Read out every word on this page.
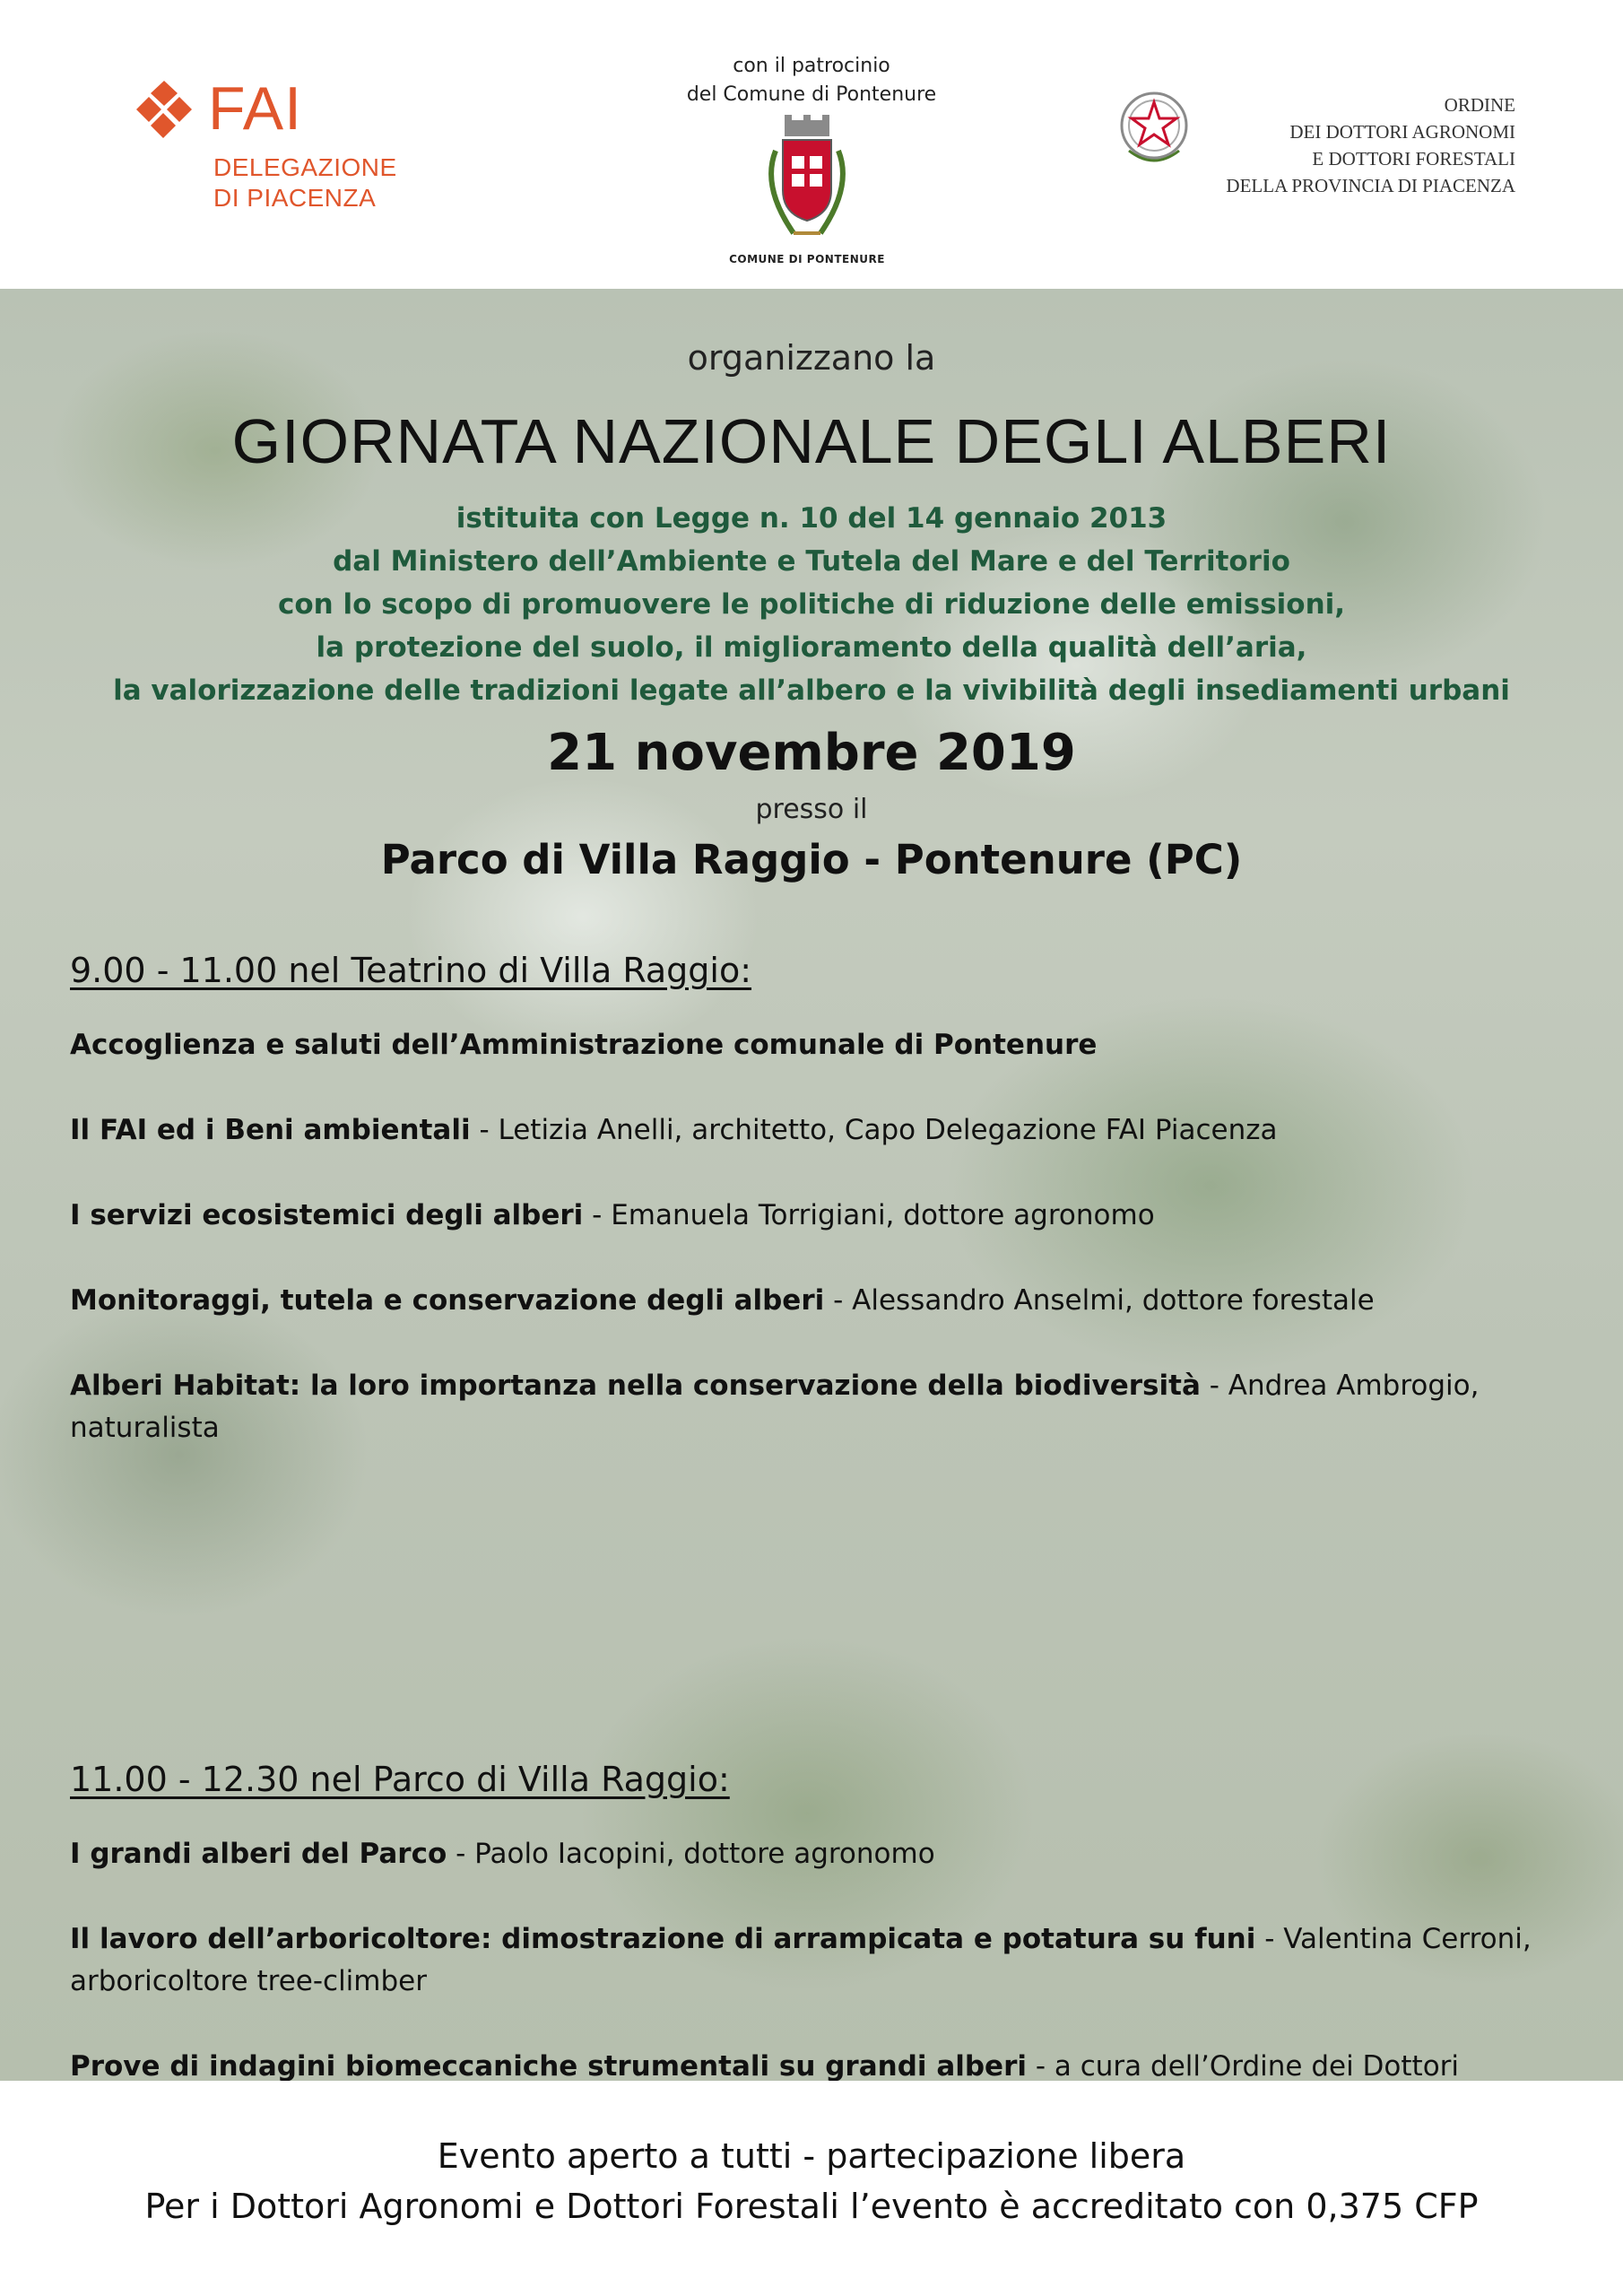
FAI
DELEGAZIONE
DI PIACENZA
con il patrocinio
del Comune di Pontenure
COMUNE DI PONTENURE
ORDINE
DEI DOTTORI AGRONOMI
E DOTTORI FORESTALI
DELLA PROVINCIA DI PIACENZA
organizzano la
GIORNATA NAZIONALE DEGLI ALBERI
istituita con Legge n. 10 del 14 gennaio 2013
dal Ministero dell’Ambiente e Tutela del Mare e del Territorio
con lo scopo di promuovere le politiche di riduzione delle emissioni,
la protezione del suolo, il miglioramento della qualità dell’aria,
la valorizzazione delle tradizioni legate all’albero e la vivibilità degli insediamenti urbani
21 novembre 2019
presso il
Parco di Villa Raggio - Pontenure (PC)
9.00 - 11.00 nel Teatrino di Villa Raggio:
Accoglienza e saluti dell’Amministrazione comunale di Pontenure
Il FAI ed i Beni ambientali - Letizia Anelli, architetto, Capo Delegazione FAI Piacenza
I servizi ecosistemici degli alberi - Emanuela Torrigiani, dottore agronomo
Monitoraggi, tutela e conservazione degli alberi - Alessandro Anselmi, dottore forestale
Alberi Habitat: la loro importanza nella conservazione della biodiversità - Andrea Ambrogio, naturalista
11.00 - 12.30 nel Parco di Villa Raggio:
I grandi alberi del Parco - Paolo Iacopini, dottore agronomo
Il lavoro dell’arboricoltore: dimostrazione di arrampicata e potatura su funi - Valentina Cerroni, arboricoltore tree-climber
Prove di indagini biomeccaniche strumentali su grandi alberi - a cura dell’Ordine dei Dottori
Evento aperto a tutti - partecipazione libera
Per i Dottori Agronomi e Dottori Forestali l’evento è accreditato con 0,375 CFP
